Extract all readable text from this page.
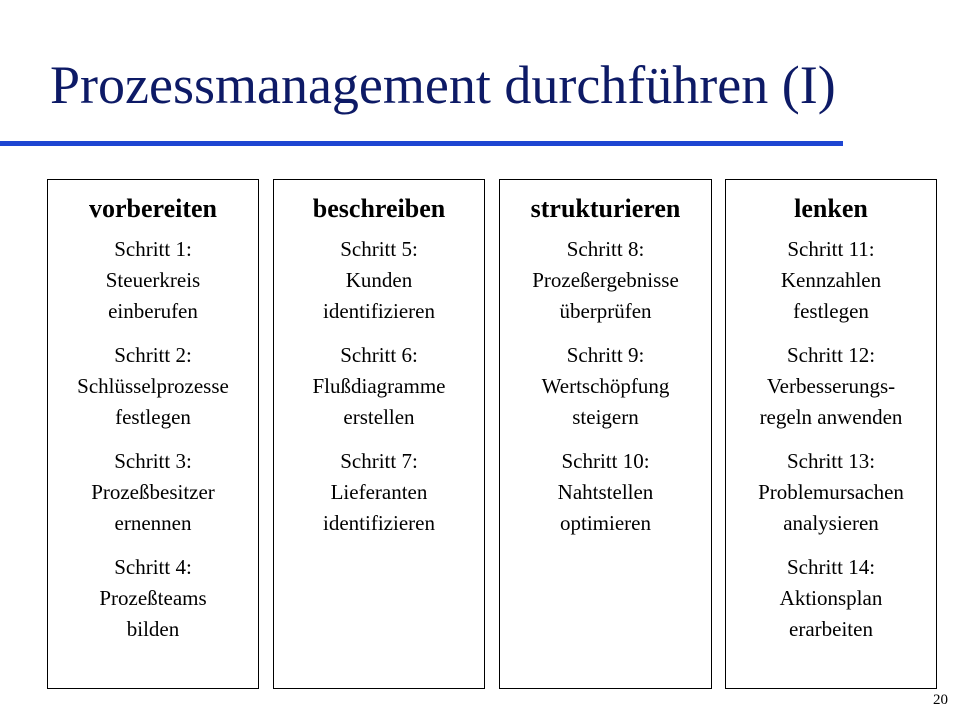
Prozessmanagement durchführen (I)
vorbereiten
Schritt 1:
Steuerkreis
einberufen
Schritt 2:
Schlüsselprozesse
festlegen
Schritt 3:
Prozeßbesitzer
ernennen
Schritt 4:
Prozeßteams
bilden
beschreiben
Schritt 5:
Kunden
identifizieren
Schritt 6:
Flußdiagramme
erstellen
Schritt 7:
Lieferanten
identifizieren
strukturieren
Schritt 8:
Prozeßergebnisse
überprüfen
Schritt 9:
Wertschöpfung
steigern
Schritt 10:
Nahtstellen
optimieren
lenken
Schritt 11:
Kennzahlen
festlegen
Schritt 12:
Verbesserungs-
regeln anwenden
Schritt 13:
Problemursachen
analysieren
Schritt 14:
Aktionsplan
erarbeiten
20
